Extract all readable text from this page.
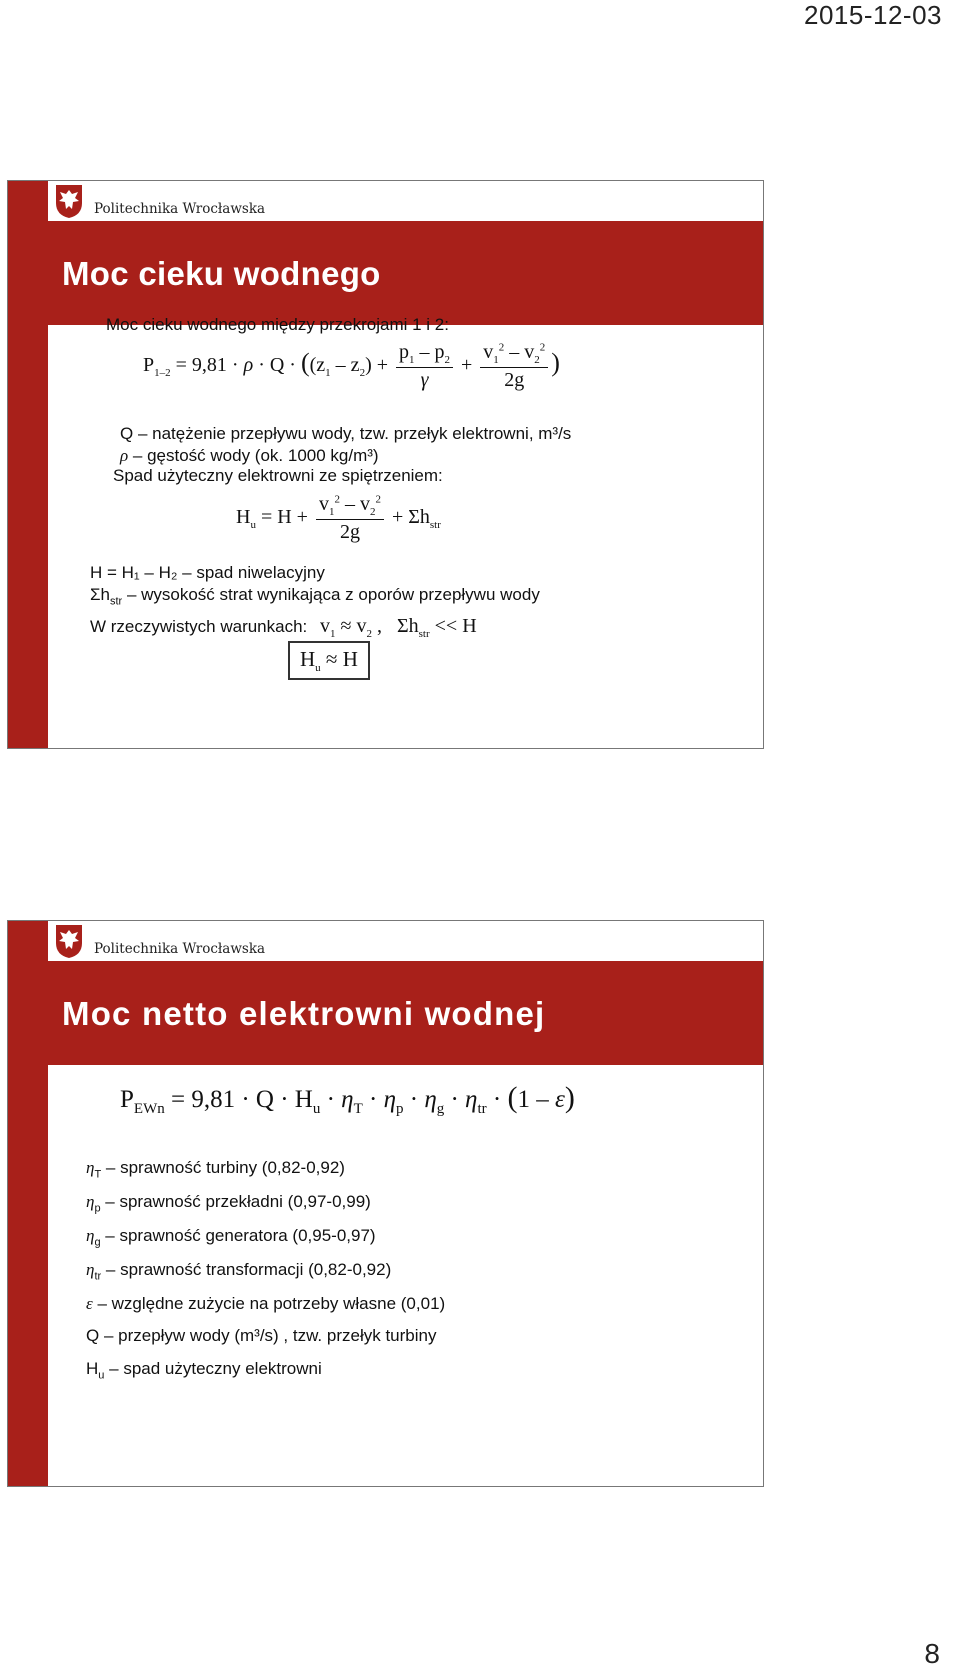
2015-12-03
Politechnika Wrocławska
Moc cieku wodnego
Moc cieku wodnego między przekrojami 1 i 2:
$P_{1-2} = 9,81 \cdot \rho \cdot Q \cdot ((z_1 - z_2) + \frac{p_1 - p_2}{\gamma} + \frac{v_1^2 - v_2^2}{2g}$ )
Q – natężenie przepływu wody, tzw. przełyk elektrowni, m³/s
ρ – gęstość wody (ok. 1000 kg/m³)
Spad użyteczny elektrowni ze spiętrzeniem:
$H_u = H + \frac{v_1^2 - v_2^2}{2g} + \Sigma h_{str}$
H = H₁ – H₂ – spad niwelacyjny
$\Sigma h_{str}$ – wysokość strat wynikająca z oporów przepływu wody
W rzeczywistych warunkach: $v_1 \approx v_2$ ,   $\Sigma h_{str} << H$
$H_u \approx H$
Politechnika Wrocławska
Moc netto elektrowni wodnej
$P_{EWn} = 9,81 \cdot Q \cdot H_u \cdot \eta_T \cdot \eta_p \cdot \eta_g \cdot \eta_{tr} \cdot (1 - \varepsilon)$
$\eta_T$ – sprawność turbiny (0,82-0,92)
$\eta_p$ – sprawność przekładni (0,97-0,99)
$\eta_g$ – sprawność generatora (0,95-0,97)
$\eta_{tr}$ – sprawność transformacji (0,82-0,92)
ε – względne zużycie na potrzeby własne (0,01)
Q – przepływ wody (m³/s) , tzw. przełyk turbiny
$H_u$ – spad użyteczny elektrowni
8
